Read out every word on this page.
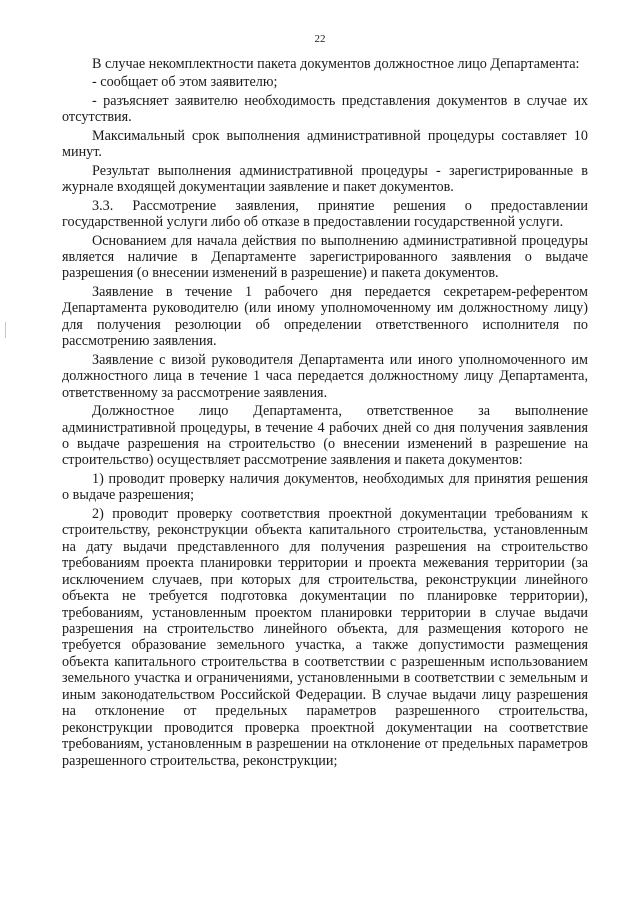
22

В случае некомплектности пакета документов должностное лицо Департамента:

- сообщает об этом заявителю;

- разъясняет заявителю необходимость представления документов в случае их отсутствия.

Максимальный срок выполнения административной процедуры составляет 10 минут.

Результат выполнения административной процедуры - зарегистрированные в журнале входящей документации заявление и пакет документов.

3.3. Рассмотрение заявления, принятие решения о предоставлении государственной услуги либо об отказе в предоставлении государственной услуги.

Основанием для начала действия по выполнению административной процедуры является наличие в Департаменте зарегистрированного заявления о выдаче разрешения (о внесении изменений в разрешение) и пакета документов.

Заявление в течение 1 рабочего дня передается секретарем-референтом Департамента руководителю (или иному уполномоченному им должностному лицу) для получения резолюции об определении ответственного исполнителя по рассмотрению заявления.

Заявление с визой руководителя Департамента или иного уполномоченного им должностного лица в течение 1 часа передается должностному лицу Департамента, ответственному за рассмотрение заявления.

Должностное лицо Департамента, ответственное за выполнение административной процедуры, в течение 4 рабочих дней со дня получения заявления о выдаче разрешения на строительство (о внесении изменений в разрешение на строительство) осуществляет рассмотрение заявления и пакета документов:

1) проводит проверку наличия документов, необходимых для принятия решения о выдаче разрешения;

2) проводит проверку соответствия проектной документации требованиям к строительству, реконструкции объекта капитального строительства, установленным на дату выдачи представленного для получения разрешения на строительство требованиям проекта планировки территории и проекта межевания территории (за исключением случаев, при которых для строительства, реконструкции линейного объекта не требуется подготовка документации по планировке территории), требованиям, установленным проектом планировки территории в случае выдачи разрешения на строительство линейного объекта, для размещения которого не требуется образование земельного участка, а также допустимости размещения объекта капитального строительства в соответствии с разрешенным использованием земельного участка и ограничениями, установленными в соответствии с земельным и иным законодательством Российской Федерации. В случае выдачи лицу разрешения на отклонение от предельных параметров разрешенного строительства, реконструкции проводится проверка проектной документации на соответствие требованиям, установленным в разрешении на отклонение от предельных параметров разрешенного строительства, реконструкции;
